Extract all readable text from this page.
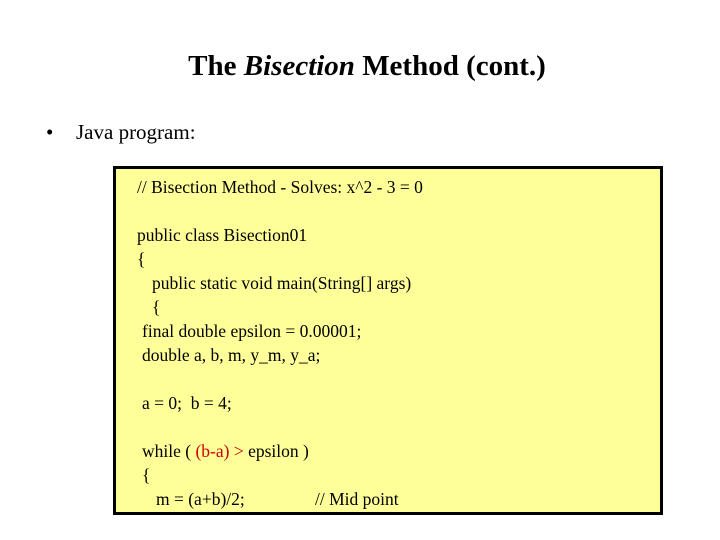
The Bisection Method (cont.)
• Java program:
// Bisection Method - Solves: x^2 - 3 = 0
public class Bisection01
{
public static void main(String[] args)
{
final double epsilon = 0.00001;
double a, b, m, y_m, y_a;
a = 0;  b = 4;
while ( (b-a) > epsilon )
{
m = (a+b)/2;	// Mid point
